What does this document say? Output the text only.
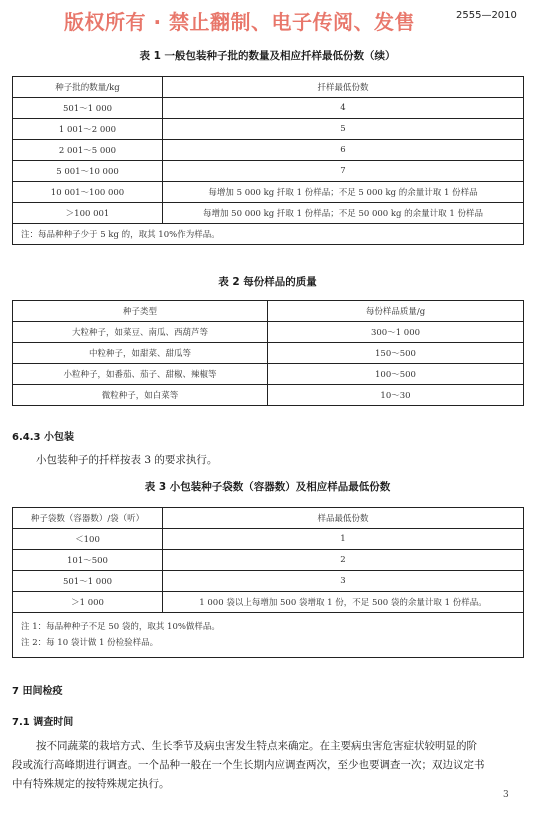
版权所有 · 禁止翻制、电子传阅、发售	2555—2010
表 1 一般包装种子批的数量及相应扦样最低份数（续）
种子批的数量/kg	扦样最低份数
501～1 000	4
1 001～2 000	5
2 001～5 000	6
5 001～10 000	7
10 001～100 000	每增加 5 000 kg 扦取 1 份样品；不足 5 000 kg 的余量计取 1 份样品
＞100 001	每增加 50 000 kg 扦取 1 份样品；不足 50 000 kg 的余量计取 1 份样品
注：每品种种子少于 5 kg 的，取其 10%作为样品。	
表 2 每份样品的质量
种子类型	每份样品质量/g
大粒种子，如菜豆、南瓜、西葫芦等	300～1 000
中粒种子，如甜菜、甜瓜等	150～500
小粒种子，如番茄、茄子、甜椒、辣椒等	100～500
微粒种子，如白菜等	10～30
6.4.3 小包装
小包装种子的扦样按表 3 的要求执行。
表 3 小包装种子袋数（容器数）及相应样品最低份数
种子袋数（容器数）/袋（听）	样品最低份数
＜100	1
101～500	2
501～1 000	3
＞1 000	1 000 袋以上每增加 500 袋增取 1 份，不足 500 袋的余量计取 1 份样品。

注 1：每品种种子不足 50 袋的，取其 10%做样品。
注 2：每 10 袋计做 1 份检验样品。	
7 田间检疫
7.1 调查时间
按不同蔬菜的栽培方式、生长季节及病虫害发生特点来确定。在主要病虫害危害症状较明显的阶
段或流行高峰期进行调查。一个品种一般在一个生长期内应调查两次，至少也要调查一次；双边议定书
中有特殊规定的按特殊规定执行。
3
